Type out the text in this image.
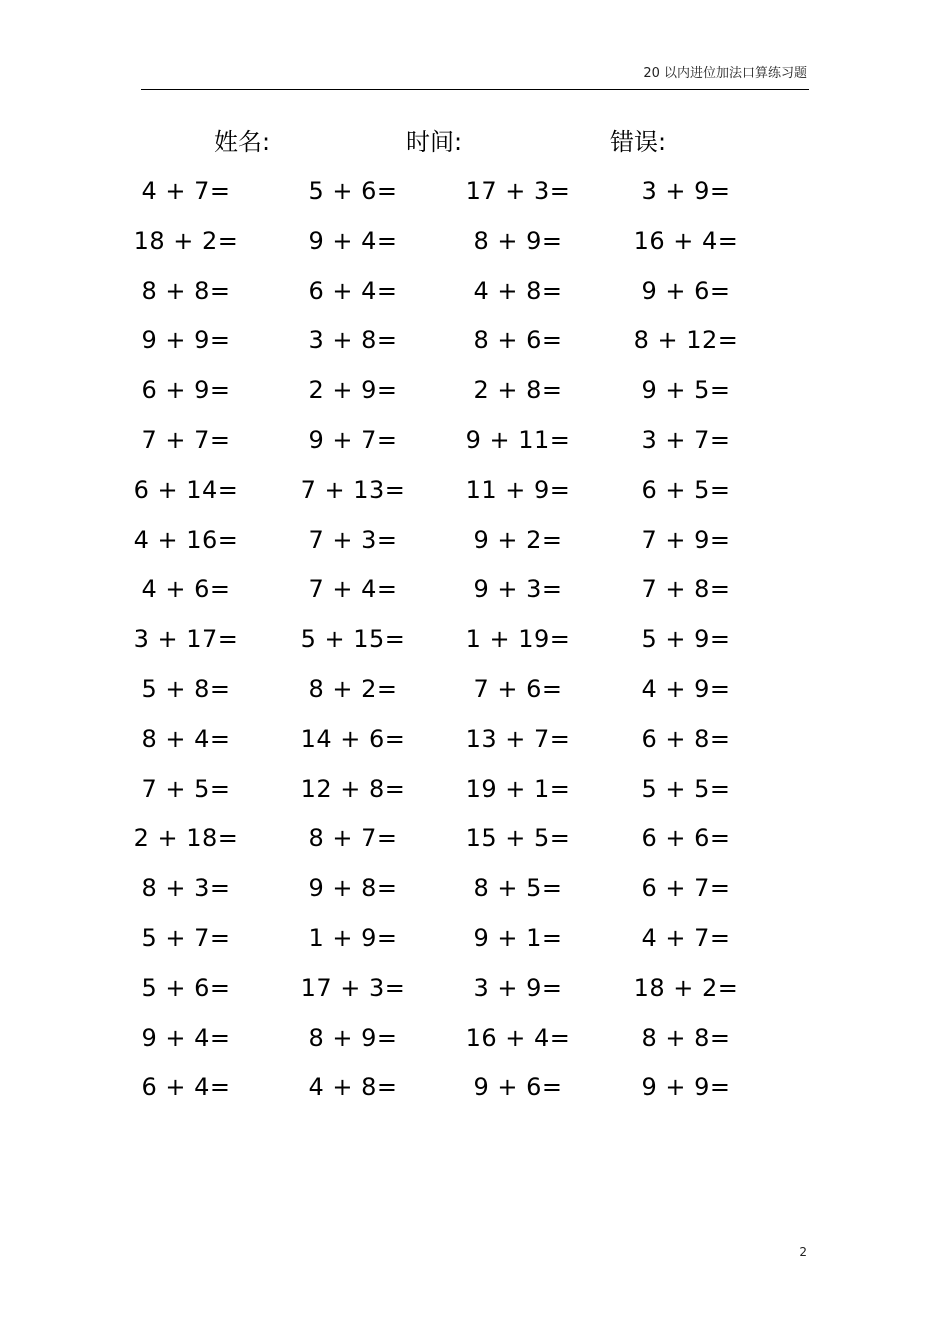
20 以内进位加法口算练习题
姓名:	时间:	错误:
4 + 7=	5 + 6=	17 + 3=	3 + 9=
18 + 2=	9 + 4=	8 + 9=	16 + 4=
8 + 8=	6 + 4=	4 + 8=	9 + 6=
9 + 9=	3 + 8=	8 + 6=	8 + 12=
6 + 9=	2 + 9=	2 + 8=	9 + 5=
7 + 7=	9 + 7=	9 + 11=	3 + 7=
6 + 14=	7 + 13=	11 + 9=	6 + 5=
4 + 16=	7 + 3=	9 + 2=	7 + 9=
4 + 6=	7 + 4=	9 + 3=	7 + 8=
3 + 17=	5 + 15=	1 + 19=	5 + 9=
5 + 8=	8 + 2=	7 + 6=	4 + 9=
8 + 4=	14 + 6=	13 + 7=	6 + 8=
7 + 5=	12 + 8=	19 + 1=	5 + 5=
2 + 18=	8 + 7=	15 + 5=	6 + 6=
8 + 3=	9 + 8=	8 + 5=	6 + 7=
5 + 7=	1 + 9=	9 + 1=	4 + 7=
5 + 6=	17 + 3=	3 + 9=	18 + 2=
9 + 4=	8 + 9=	16 + 4=	8 + 8=
6 + 4=	4 + 8=	9 + 6=	9 + 9=
2
